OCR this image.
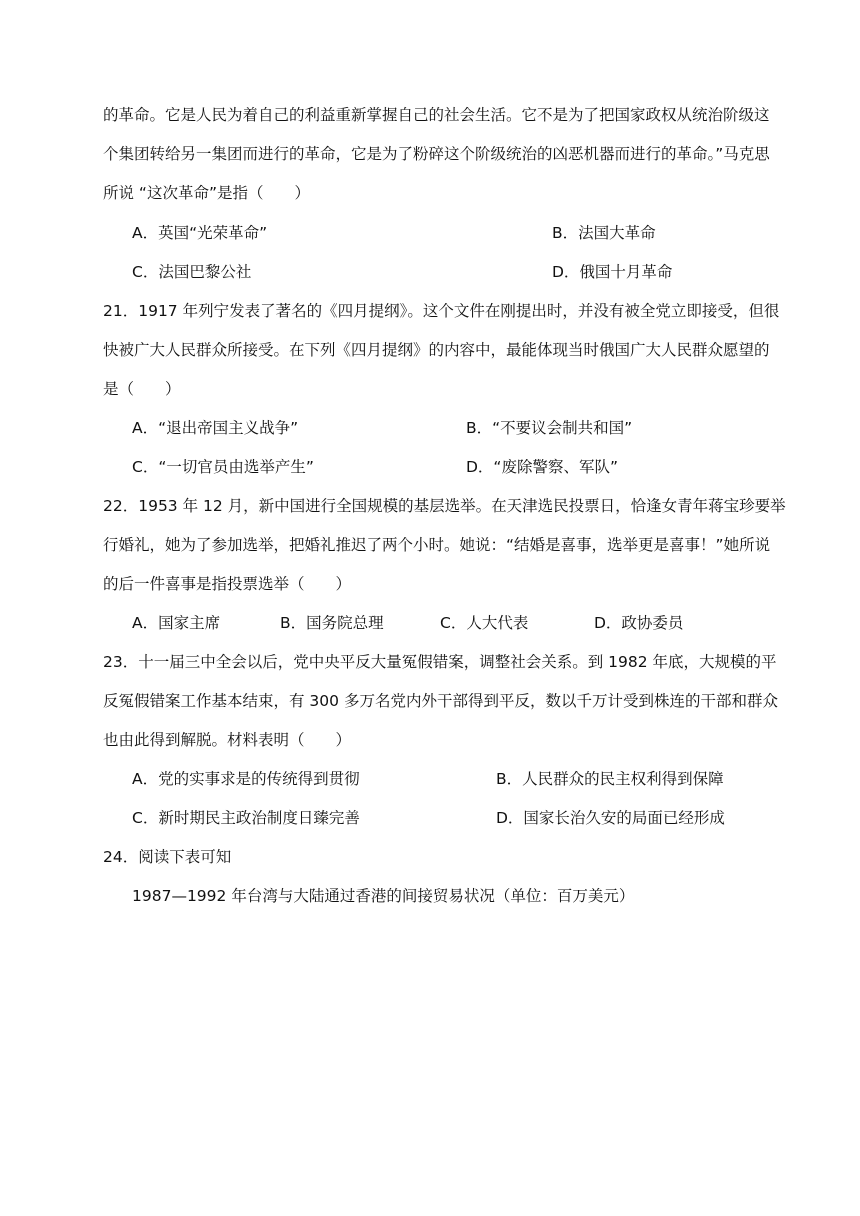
的革命。它是人民为着自己的利益重新掌握自己的社会生活。它不是为了把国家政权从统治阶级这
个集团转给另一集团而进行的革命，它是为了粉碎这个阶级统治的凶恶机器而进行的革命。”马克思
所说 “这次革命”是指（　　）
A．英国“光荣革命”	B．法国大革命
C．法国巴黎公社	D．俄国十月革命
21．1917 年列宁发表了著名的《四月提纲》。这个文件在刚提出时，并没有被全党立即接受，但很
快被广大人民群众所接受。在下列《四月提纲》的内容中，最能体现当时俄国广大人民群众愿望的
是（　　）
A．“退出帝国主义战争”	B．“不要议会制共和国”
C．“一切官员由选举产生”	D．“废除警察、军队”
22．1953 年 12 月，新中国进行全国规模的基层选举。在天津选民投票日，恰逢女青年蒋宝珍要举
行婚礼，她为了参加选举，把婚礼推迟了两个小时。她说：“结婚是喜事，选举更是喜事！”她所说
的后一件喜事是指投票选举（　　）
A．国家主席	B．国务院总理	C．人大代表	D．政协委员
23．十一届三中全会以后，党中央平反大量冤假错案，调整社会关系。到 1982 年底，大规模的平
反冤假错案工作基本结束，有 300 多万名党内外干部得到平反，数以千万计受到株连的干部和群众
也由此得到解脱。材料表明（　　）
A．党的实事求是的传统得到贯彻	B．人民群众的民主权利得到保障
C．新时期民主政治制度日臻完善	D．国家长治久安的局面已经形成
24．阅读下表可知
1987—1992 年台湾与大陆通过香港的间接贸易状况（单位：百万美元）
